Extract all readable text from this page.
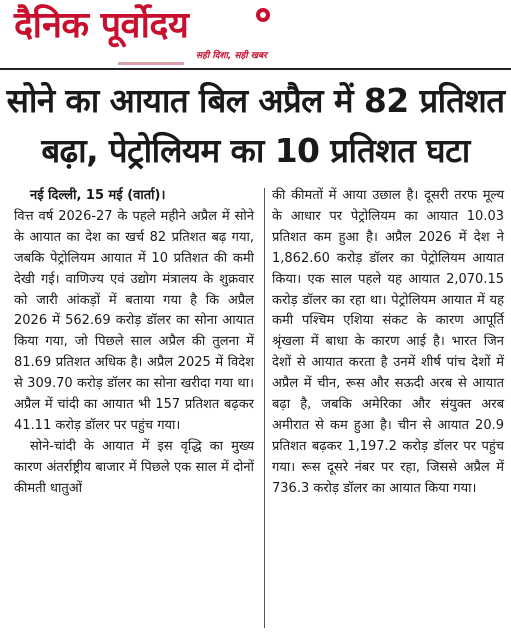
दैनिक पूर्वोदय
सही दिशा, सही खबर
सोने का आयात बिल अप्रैल में 82 प्रतिशत
बढ़ा, पेट्रोलियम का 10 प्रतिशत घटा
नई दिल्ली, 15 मई (वार्ता)।
वित्त वर्ष 2026-27 के पहले महीने अप्रैल में सोने के आयात का देश का खर्च 82 प्रतिशत बढ़ गया, जबकि पेट्रोलियम आयात में 10 प्रतिशत की कमी देखी गई। वाणिज्य एवं उद्योग मंत्रालय के शुक्रवार को जारी आंकड़ों में बताया गया है कि अप्रैल 2026 में 562.69 करोड़ डॉलर का सोना आयात किया गया, जो पिछले साल अप्रैल की तुलना में 81.69 प्रतिशत अधिक है। अप्रैल 2025 में विदेश से 309.70 करोड़ डॉलर का सोना खरीदा गया था। अप्रैल में चांदी का आयात भी 157 प्रतिशत बढ़कर 41.11 करोड़ डॉलर पर पहुंच गया।
सोने-चांदी के आयात में इस वृद्धि का मुख्य कारण अंतर्राष्ट्रीय बाजार में पिछले एक साल में दोनों कीमती धातुओं
की कीमतों में आया उछाल है। दूसरी तरफ मूल्य के आधार पर पेट्रोलियम का आयात 10.03 प्रतिशत कम हुआ है। अप्रैल 2026 में देश ने 1,862.60 करोड़ डॉलर का पेट्रोलियम आयात किया। एक साल पहले यह आयात 2,070.15 करोड़ डॉलर का रहा था। पेट्रोलियम आयात में यह कमी पश्चिम एशिया संकट के कारण आपूर्ति श्रृंखला में बाधा के कारण आई है। भारत जिन देशों से आयात करता है उनमें शीर्ष पांच देशों में अप्रैल में चीन, रूस और सऊदी अरब से आयात बढ़ा है, जबकि अमेरिका और संयुक्त अरब अमीरात से कम हुआ है। चीन से आयात 20.9 प्रतिशत बढ़कर 1,197.2 करोड़ डॉलर पर पहुंच गया। रूस दूसरे नंबर पर रहा, जिससे अप्रैल में 736.3 करोड़ डॉलर का आयात किया गया।
